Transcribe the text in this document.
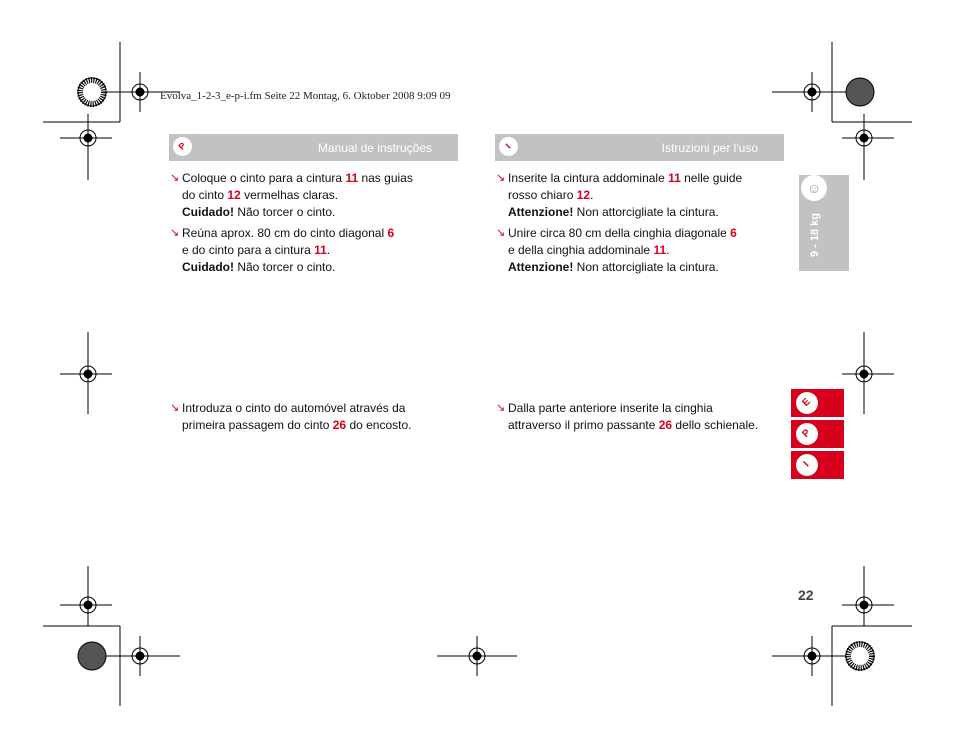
Evolva_1-2-3_e-p-i.fm Seite 22 Montag, 6. Oktober 2008 9:09 09
P	Manual de instruções	I	Istruzioni per l'uso
↘ Coloque o cinto para a cintura 11 nas guias
do cinto 12 vermelhas claras.
Cuidado! Não torcer o cinto.
↘ Reúna aprox. 80 cm do cinto diagonal 6
e do cinto para a cintura 11.
Cuidado! Não torcer o cinto.
↘ Introduza o cinto do automóvel através da
primeira passagem do cinto 26 do encosto.
↘ Inserite la cintura addominale 11 nelle guide
rosso chiaro 12.
Attenzione! Non attorcigliate la cintura.
↘ Unire circa 80 cm della cinghia diagonale 6
e della cinghia addominale 11.
Attenzione! Non attorcigliate la cintura.
↘ Dalla parte anteriore inserite la cinghia
attraverso il primo passante 26 dello schienale.
☺
9 - 18 kg
E
P
I
22
